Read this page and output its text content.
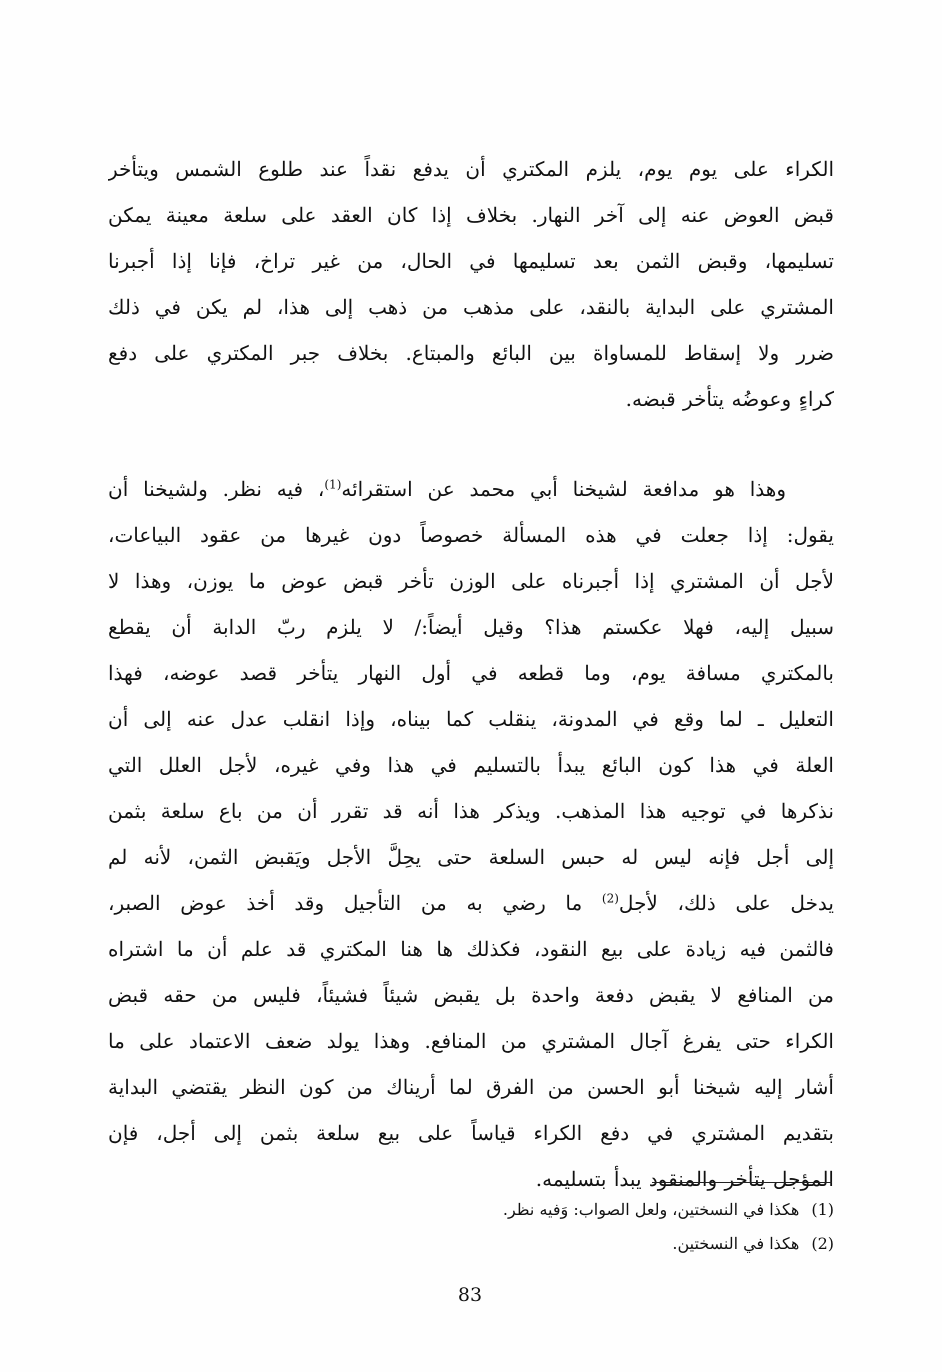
الكراء على يوم يوم، يلزم المكتري أن يدفع نقداً عند طلوع الشمس ويتأخر
قبض العوض عنه إلى آخر النهار. بخلاف إذا كان العقد على سلعة معينة يمكن
تسليمها، وقبض الثمن بعد تسليمها في الحال، من غير تراخ، فإنا إذا أجبرنا
المشتري على البداية بالنقد، على مذهب من ذهب إلى هذا، لم يكن في ذلك
ضرر ولا إسقاط للمساواة بين البائع والمبتاع. بخلاف جبر المكتري على دفع
كراءٍ وعوضُه يتأخر قبضه.
وهذا هو مدافعة لشيخنا أبي محمد عن استقرائه$^{(1)}$، فيه نظر. ولشيخنا أن
يقول: إذا جعلت في هذه المسألة خصوصاً دون غيرها من عقود البياعات،
لأجل أن المشتري إذا أجبرناه على الوزن تأخر قبض عوض ما يوزن، وهذا لا
سبيل إليه، فهلا عكستم هذا؟ وقيل أيضاً:/ لا يلزم ربّ الدابة أن يقطع
بالمكتري مسافة يوم، وما قطعه في أول النهار يتأخر قصد عوضه، فهذا
التعليل ـ لما وقع في المدونة، ينقلب كما بيناه، وإذا انقلب عدل عنه إلى أن
العلة في هذا كون البائع يبدأ بالتسليم في هذا وفي غيره، لأجل العلل التي
نذكرها في توجيه هذا المذهب. ويذكر هذا أنه قد تقرر أن من باع سلعة بثمن
إلى أجل فإنه ليس له حبس السلعة حتى يحِلَّ الأجل ويَقبض الثمن، لأنه لم
يدخل على ذلك، لأجل$^{(2)}$ ما رضي به من التأجيل وقد أخذ عوض الصبر،
فالثمن فيه زيادة على بيع النقود، فكذلك ها هنا المكتري قد علم أن ما اشتراه
من المنافع لا يقبض دفعة واحدة بل يقبض شيئاً فشيئاً، فليس من حقه قبض
الكراء حتى يفرغ آجال المشتري من المنافع. وهذا يولد ضعف الاعتماد على ما
أشار إليه شيخنا أبو الحسن من الفرق لما أريناك من كون النظر يقتضي البداية
بتقديم المشتري في دفع الكراء قياساً على بيع سلعة بثمن إلى أجل، فإن
المؤجل يتأخر والمنقود يبدأ بتسليمه.
(1)هكذا في النسختين، ولعل الصواب: وَفيه نظر.
(2)هكذا في النسختين.
83
